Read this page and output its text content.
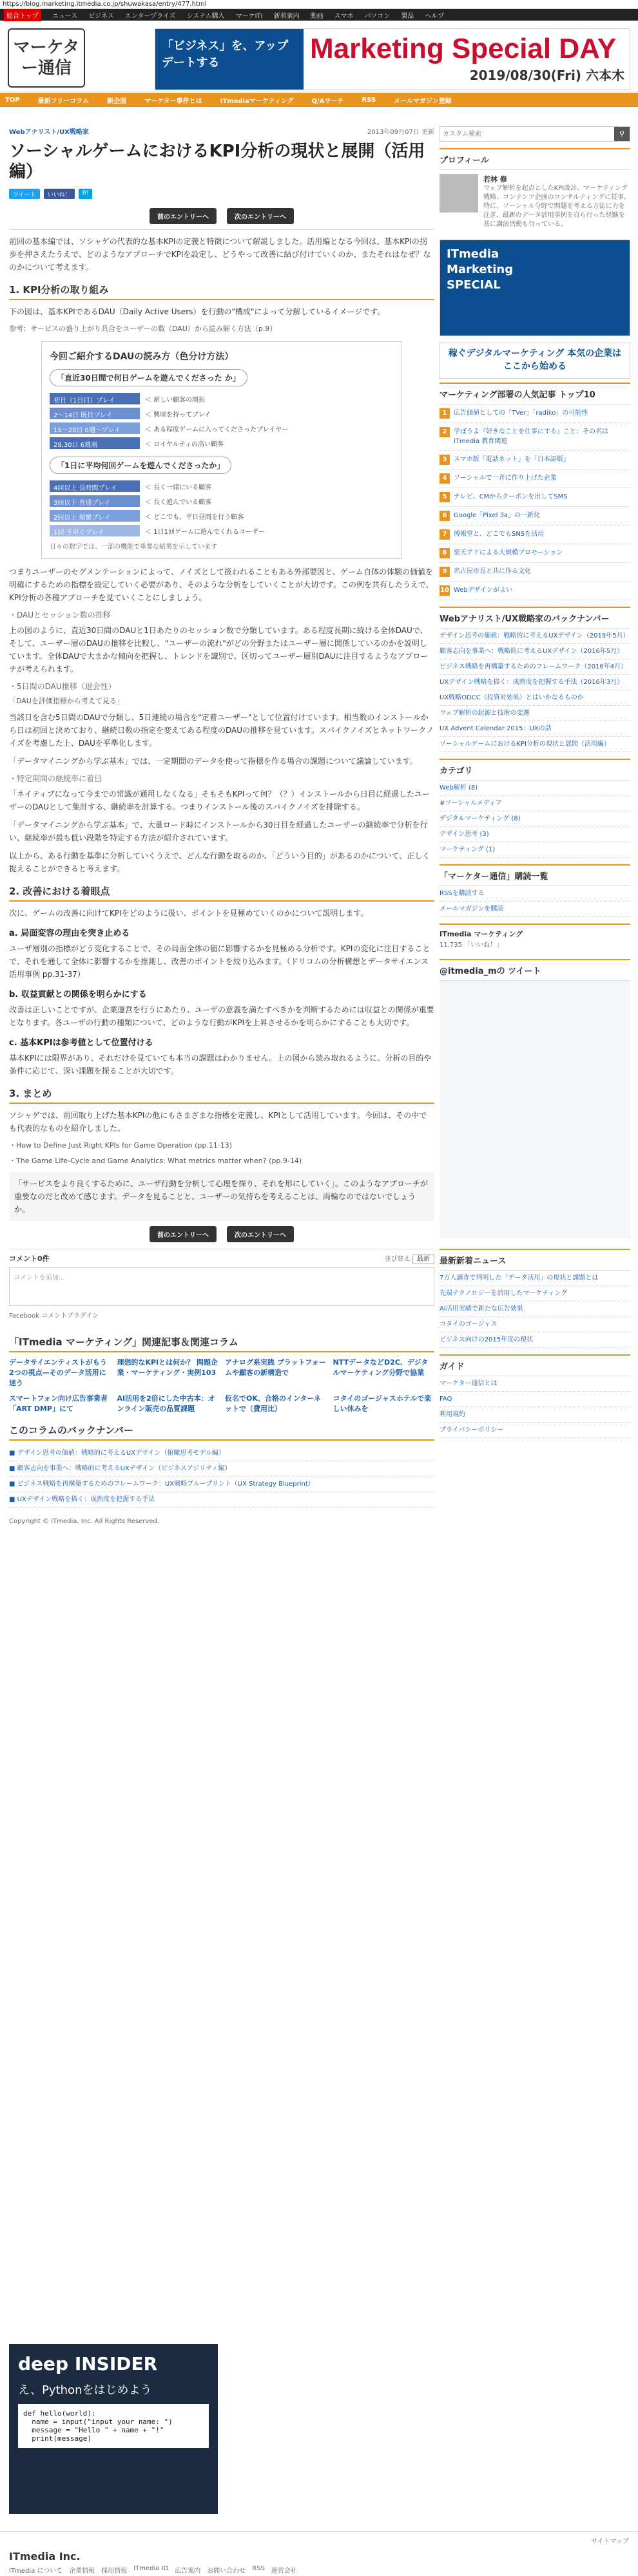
https://blog.marketing.itmedia.co.jp/shuwakasa/entry/477.html
総合トップ	ニュース ビジネス エンタープライズ システム購入 マーケITI 新着案内 動画 スマホ パソコン 製品 ヘルプ
マーケター通信
「ビジネス」を、アップデートする	Marketing Special DAY
2019/08/30(Fri) 六本木
TOP	最新フリーコラム	新企画	マーケター事件とは	ITmediaマーケティング	Q/Aサーチ	RSS	メールマガジン登録
Webアナリスト/UX戦略家	2013年09月07日 更新
ソーシャルゲームにおけるKPI分析の現状と展開（活用編）
ツイート	いいね！	B!
前のエントリーへ	次のエントリーへ

前回の基本編では、ソシャゲの代表的な基本KPIの定義と特徴について解説しました。活用編となる今回は、基本KPIの拐歩を押さえたうえで、どのようなアプローチでKPIを設定し、どうやって改善に結び付けていくのか、またそれはなぜ？なのかについて考えます。

1. KPI分析の取り組み

下の図は、基本KPIであるDAU（Daily Active Users）を行動の"構成"によって分解しているイメージです。

参考：サービスの盛り上がり具合をユーザーの数（DAU）から読み解く方法（p.9）

今回ご紹介するDAUの読み方（色分け方法）
「直近30日間で何日ゲームを遊んでくださった か」
初日（1日目）プレイ	＜ 新しい顧客の開拓
2〜14日 既日プレイ	＜ 興味を持ってプレイ
15〜28日 6週〜プレイ	＜ ある程度ゲームに入ってくださったプレイヤー
29,30日 6週割	＜ ロイヤルティの高い顧客
「1日に平均何回ゲームを遊んでくださったか」
4回以上 長時間プレイ	＜ 長く一緒にいる顧客
3回以下 普通プレイ	＜ 長く遊んでいる顧客
2回以上 頻繁プレイ	＜ どこでも、平日昼間を行う顧客
1回 手早くプレイ	＜ 1日1回ゲームに遊んでくれるユーザー
日々の数字では、一部の機能で重要な結果を示しています

つまりユーザーのセグメンテーションによって、ノイズとして扱われることもある外部要因と、ゲーム自体の体験の価値を明確にするための指標を設定していく必要があり、そのような分析をしていくことが大切です。この例を共有したうえで、KPI分析の各種アプローチを見ていくことにしましょう。

・DAUとセッション数の推移

上の図のように、直近30日間のDAUと1日あたりのセッション数で分類しています。ある程度長期に続ける全体DAUで、そして、ユーザー層のDAUの推移を比較し、"ユーザーの流れ"がどの分野またはユーザー層に関係しているのかを説明しています。全体DAUで大まかな傾向を把握し、トレンドを識別で、区切ってユーザー層別DAUに注目するようなアプローチが考えられます。

・5日間のDAU推移（退会性）

「DAUを評価指標から考えて見る」

当該日を含む5日間のDAUで分類し、5日連続の場合を"定着ユーザー"として位置付けています。相当数のインストールから日は初回と決めており、継続日数の指定を変えてある程度のDAUの推移を見ています。スパイクノイズとネットワークノイズを考慮した上、DAUを平準化します。

「データマイニングから学ぶ基本」では、一定期間のデータを使って指標を作る場合の課題について議論しています。

・特定期間の継続率に着目

「ネイティブになって今までの常識が通用しなくなる」そもそもKPIって何？（？）インストールから日目に経過したユーザーのDAUとして集計する、継続率を計算する。つまりインストール後のスパイクノイズを排除する。

「データマイニングから学ぶ基本」で、大量ロード時にインストールから30日目を経過したユーザーの継続率で分析を行い、継続率が最も低い段階を特定する方法が紹介されています。

以上から、ある行動を基準に分析していくうえで、どんな行動を取るのか、「どういう目的」があるのかについて、正しく捉えることができると考えます。

2. 改善における着眼点

次に、ゲームの改善に向けてKPIをどのように扱い、ポイントを見極めていくのかについて説明します。

a. 局面変容の理由を突き止める

ユーザ層別の指標がどう変化することで、その局面全体の値に影響するかを見極める分析です。KPIの変化に注目することで、それを通して全体に影響するかを推測し、改善のポイントを絞り込みます。（ドリコムの分析構想とデータサイエンス活用事例 pp.31-37）

b. 収益貢献との関係を明らかにする

改善は正しいことですが、企業運営を行うにあたり、ユーザの意義を満たすべきかを判断するためには収益との関係が重要となります。各ユーザの行動の種類について、どのような行動がKPIを上昇させるかを明らかにすることも大切です。

c. 基本KPIは参考値として位置付ける

基本KPIには限界があり、それだけを見ていても本当の課題はわかりません。上の図から読み取れるように、分析の目的や条件に応じて、深い課題を探ることが大切です。

3. まとめ

ソシャゲでは、前回取り上げた基本KPIの他にもさまざまな指標を定義し、KPIとして活用しています。今回は、その中でも代表的なものを紹介しました。

・How to Define Just Right KPIs for Game Operation (pp.11-13)
・The Game Life-Cycle and Game Analytics: What metrics matter when? (pp.9-14)

「サービスをより良くするために、ユーザ行動を分析して心理を探り、それを形にしていく」。このようなアプローチが重要なのだと改めて感じます。データを見ることと、ユーザーの気持ちを考えることは、両輪なのではないでしょうか。

前のエントリーへ	次のエントリーへ
コメント0件	並び替え 最新
コメントを追加...
Facebook コメントプラグイン
「ITmedia マーケティング」関連記事＆関連コラム
データサイエンティストがもう2つの視点—そのデータ活用に迷う
理想的なKPIとは何か？ 問題企業・マーケティング・実例103
アナログ系実践 プラットフォームや顧客の新構造で
NTTデータなどD2C、デジタルマーケティング分野で協業
スマートフォン向け広告事業者「ART DMP」にて
AI活用を2倍にした中古本：オンライン販売の品質課題
仮名でOK、合格のインターネットで（費用比）
コタイのゴージャスホテルで楽しい休みを
このコラムのバックナンバー
■ デザイン思考の価値：戦略的に考えるUXデザイン（俯瞰思考モデル編）
■ 顧客志向を事業へ：戦略的に考えるUXデザイン（ビジネスアジリティ編）
■ ビジネス戦略を再構築するためのフレームワーク：UX戦略ブループリント（UX Strategy Blueprint）
■ UXデザイン戦略を描く：成熟度を把握する手法
Copyright © ITmedia, Inc. All Rights Reserved.
deep INSIDER
え、Pythonをはじめよう
def hello(world):
name = input("input your name: ")
message = "Hello " + name + "!"
print(message)
カスタム検索
⚲
プロフィール
若林 修

ウェブ解析を起点としたKPI設計、マーケティング戦略、コンテンツ企画のコンサルティングに従事。特に、ソーシャル分野で問題を考える方法に力を注ぎ、最新のデータ活用事例を自ら行った経験を基に講演活動も行っている。

ITmedia
Marketing
SPECIAL
稼ぐデジタルマーケティング 本気の企業はここから始める
マーケティング部署の人気記事 トップ10
1	広告価値としての「TVer」「radiko」の可能性
2	学ぼうよ『好きなことを仕事にする』こと：その名は ITmedia 教育関連
3	スマホ版「電話ネット」を「日本語版」
4	ソーシャルで一斉に作り上げた企業
5	テレビ、CMからクーポンを出してSMS
6	Google「Pixel 3a」の一新化
7	博報堂と、どこでもSNSを活用
8	楽天アドによる大規模プロモーション
9	名古屋市長と共に作る文化
10 Webデザインがよい
Webアナリスト/UX戦略家のバックナンバー
デザイン思考の価値：戦略的に考えるUXデザイン（2019年5月）
顧客志向を事業へ：戦略的に考えるUXデザイン（2016年5月）
ビジネス戦略を再構築するためのフレームワーク（2016年4月）
UXデザイン戦略を描く：成熟度を把握する手法（2016年3月）
UX戦略ODCC（投資対効果）とはいかなるものか
ウェブ解析の起源と技術の変遷
UX Advent Calendar 2015：UXの話
ソーシャルゲームにおけるKPI分析の現状と展開（活用編）
カテゴリ
Web解析 (8)
#ソーシャルメディア
デジタルマーケティング (8)
デザイン思考 (3)
マーケティング (1)
「マーケター通信」購読一覧
RSSを購読する
メールマガジンを購読
ITmedia マーケティング
11,735 「いいね！」
@itmedia_mの ツイート
最新新着ニュース
7万人調査で判明した「データ活用」の現状と課題とは
先端テクノロジーを活用したマーケティング
AI活用実績で新たな広告効果
コタイのゴージャス
ビジネス向けの2015年度の現状
ガイド
マーケター通信とは
FAQ
利用規約
プライバシーポリシー
サイトマップ
ITmedia Inc.
ITmedia について 企業情報 採用情報 ITmedia ID 広告案内 お問い合わせ RSS 運営会社
